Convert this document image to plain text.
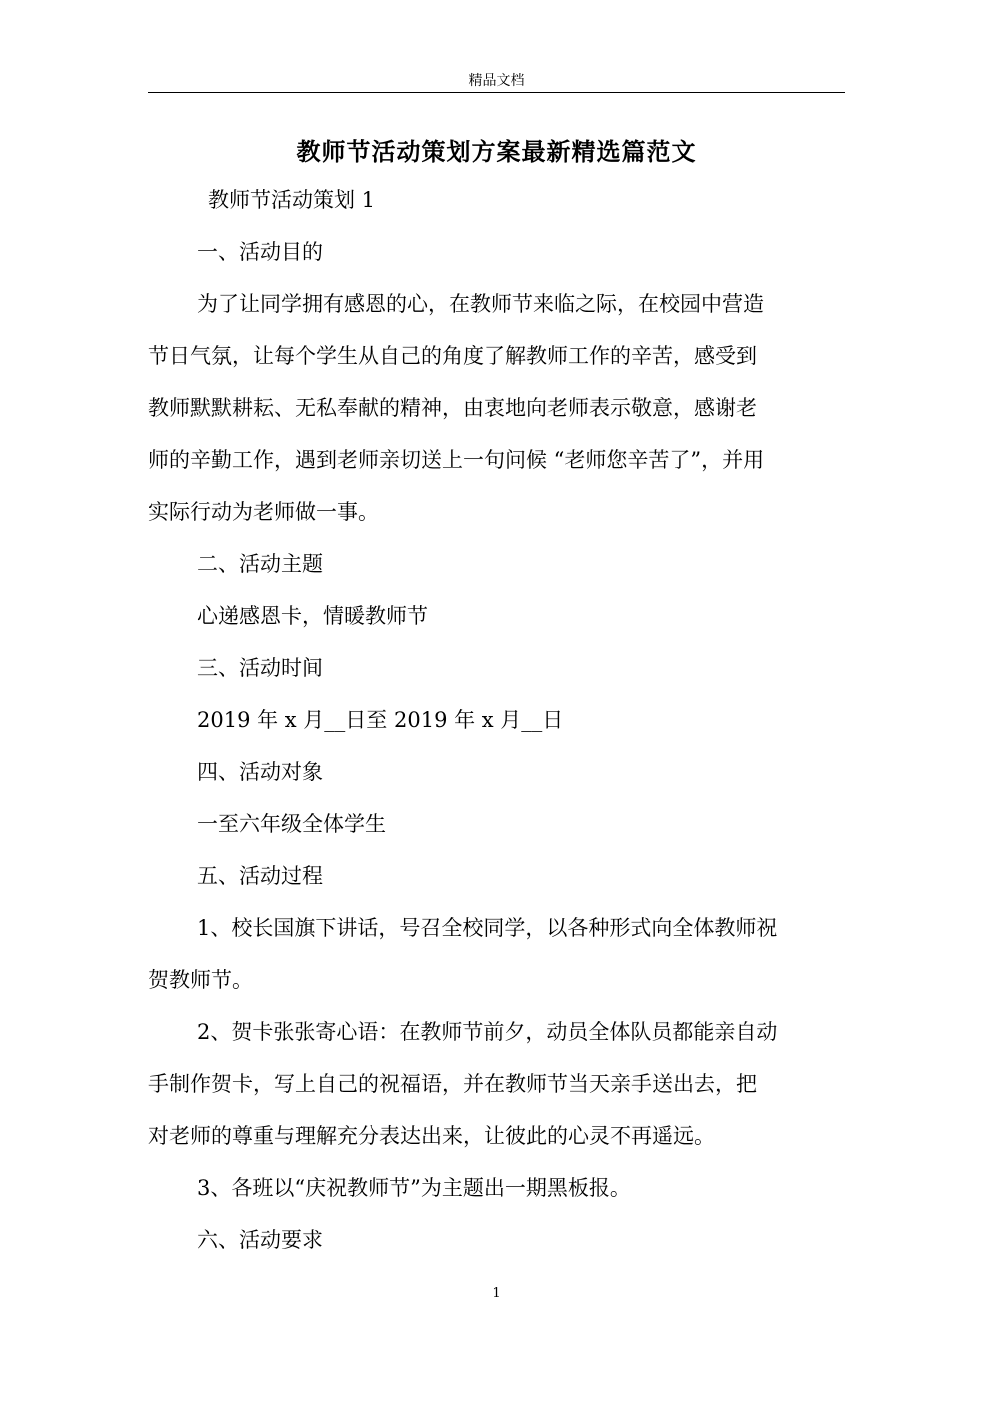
精品文档
教师节活动策划方案最新精选篇范文
教师节活动策划 1
一、活动目的
为了让同学拥有感恩的心，在教师节来临之际，在校园中营造
节日气氛，让每个学生从自己的角度了解教师工作的辛苦，感受到
教师默默耕耘、无私奉献的精神，由衷地向老师表示敬意，感谢老
师的辛勤工作，遇到老师亲切送上一句问候 “老师您辛苦了”，并用
实际行动为老师做一事。
二、活动主题
心递感恩卡，情暖教师节
三、活动时间
2019 年 x 月__日至 2019 年 x 月__日
四、活动对象
一至六年级全体学生
五、活动过程
1、校长国旗下讲话，号召全校同学，以各种形式向全体教师祝
贺教师节。
2、贺卡张张寄心语：在教师节前夕，动员全体队员都能亲自动
手制作贺卡，写上自己的祝福语，并在教师节当天亲手送出去，把
对老师的尊重与理解充分表达出来，让彼此的心灵不再遥远。
3、各班以“庆祝教师节”为主题出一期黑板报。
六、活动要求
1
